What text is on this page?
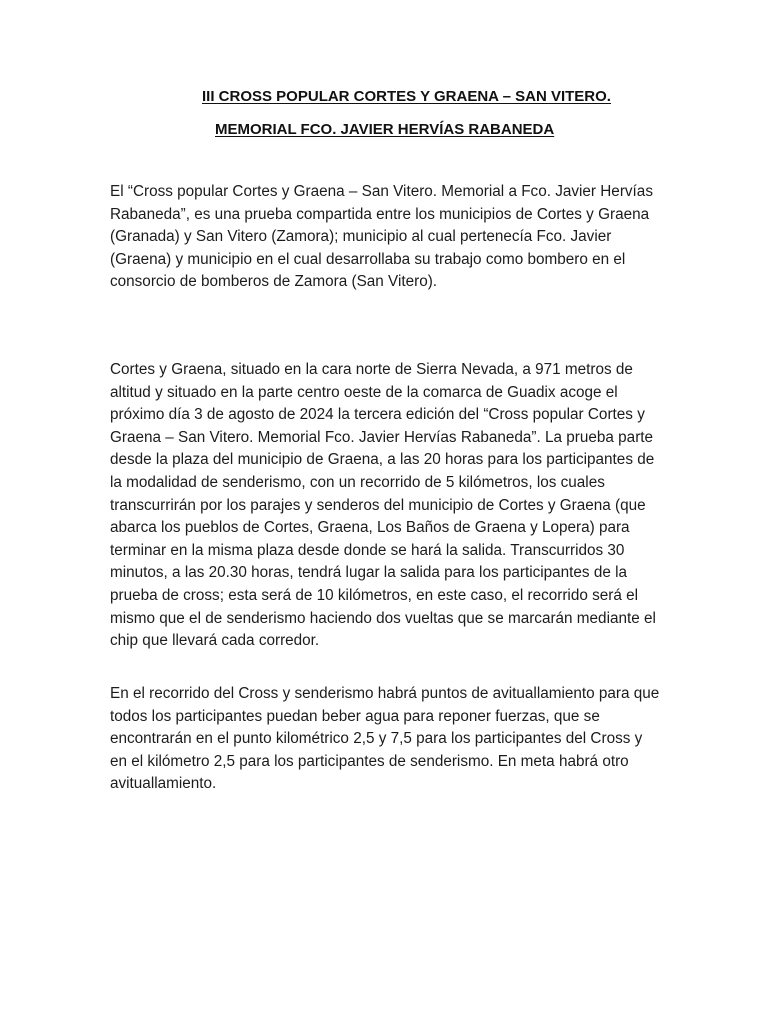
III CROSS POPULAR CORTES Y GRAENA – SAN VITERO.
MEMORIAL FCO. JAVIER HERVÍAS RABANEDA

El “Cross popular Cortes y Graena – San Vitero. Memorial a Fco. Javier Hervías Rabaneda”, es una prueba compartida entre los municipios de Cortes y Graena (Granada) y San Vitero (Zamora); municipio al cual pertenecía Fco. Javier (Graena) y municipio en el cual desarrollaba su trabajo como bombero en el consorcio de bomberos de Zamora (San Vitero).

Cortes y Graena, situado en la cara norte de Sierra Nevada, a 971 metros de altitud y situado en la parte centro oeste de la comarca de Guadix acoge el próximo día 3 de agosto de 2024 la tercera edición del “Cross popular Cortes y Graena – San Vitero. Memorial Fco. Javier Hervías Rabaneda”. La prueba parte desde la plaza del municipio de Graena, a las 20 horas para los participantes de la modalidad de senderismo, con un recorrido de 5 kilómetros, los cuales transcurrirán por los parajes y senderos del municipio de Cortes y Graena (que abarca los pueblos de Cortes, Graena, Los Baños de Graena y Lopera) para terminar en la misma plaza desde donde se hará la salida. Transcurridos 30 minutos, a las 20.30 horas, tendrá lugar la salida para los participantes de la prueba de cross; esta será de 10 kilómetros, en este caso, el recorrido será el mismo que el de senderismo haciendo dos vueltas que se marcarán mediante el chip que llevará cada corredor.

En el recorrido del Cross y senderismo habrá puntos de avituallamiento para que todos los participantes puedan beber agua para reponer fuerzas, que se encontrarán en el punto kilométrico 2,5 y 7,5 para los participantes del Cross y en el kilómetro 2,5 para los participantes de senderismo. En meta habrá otro avituallamiento.
